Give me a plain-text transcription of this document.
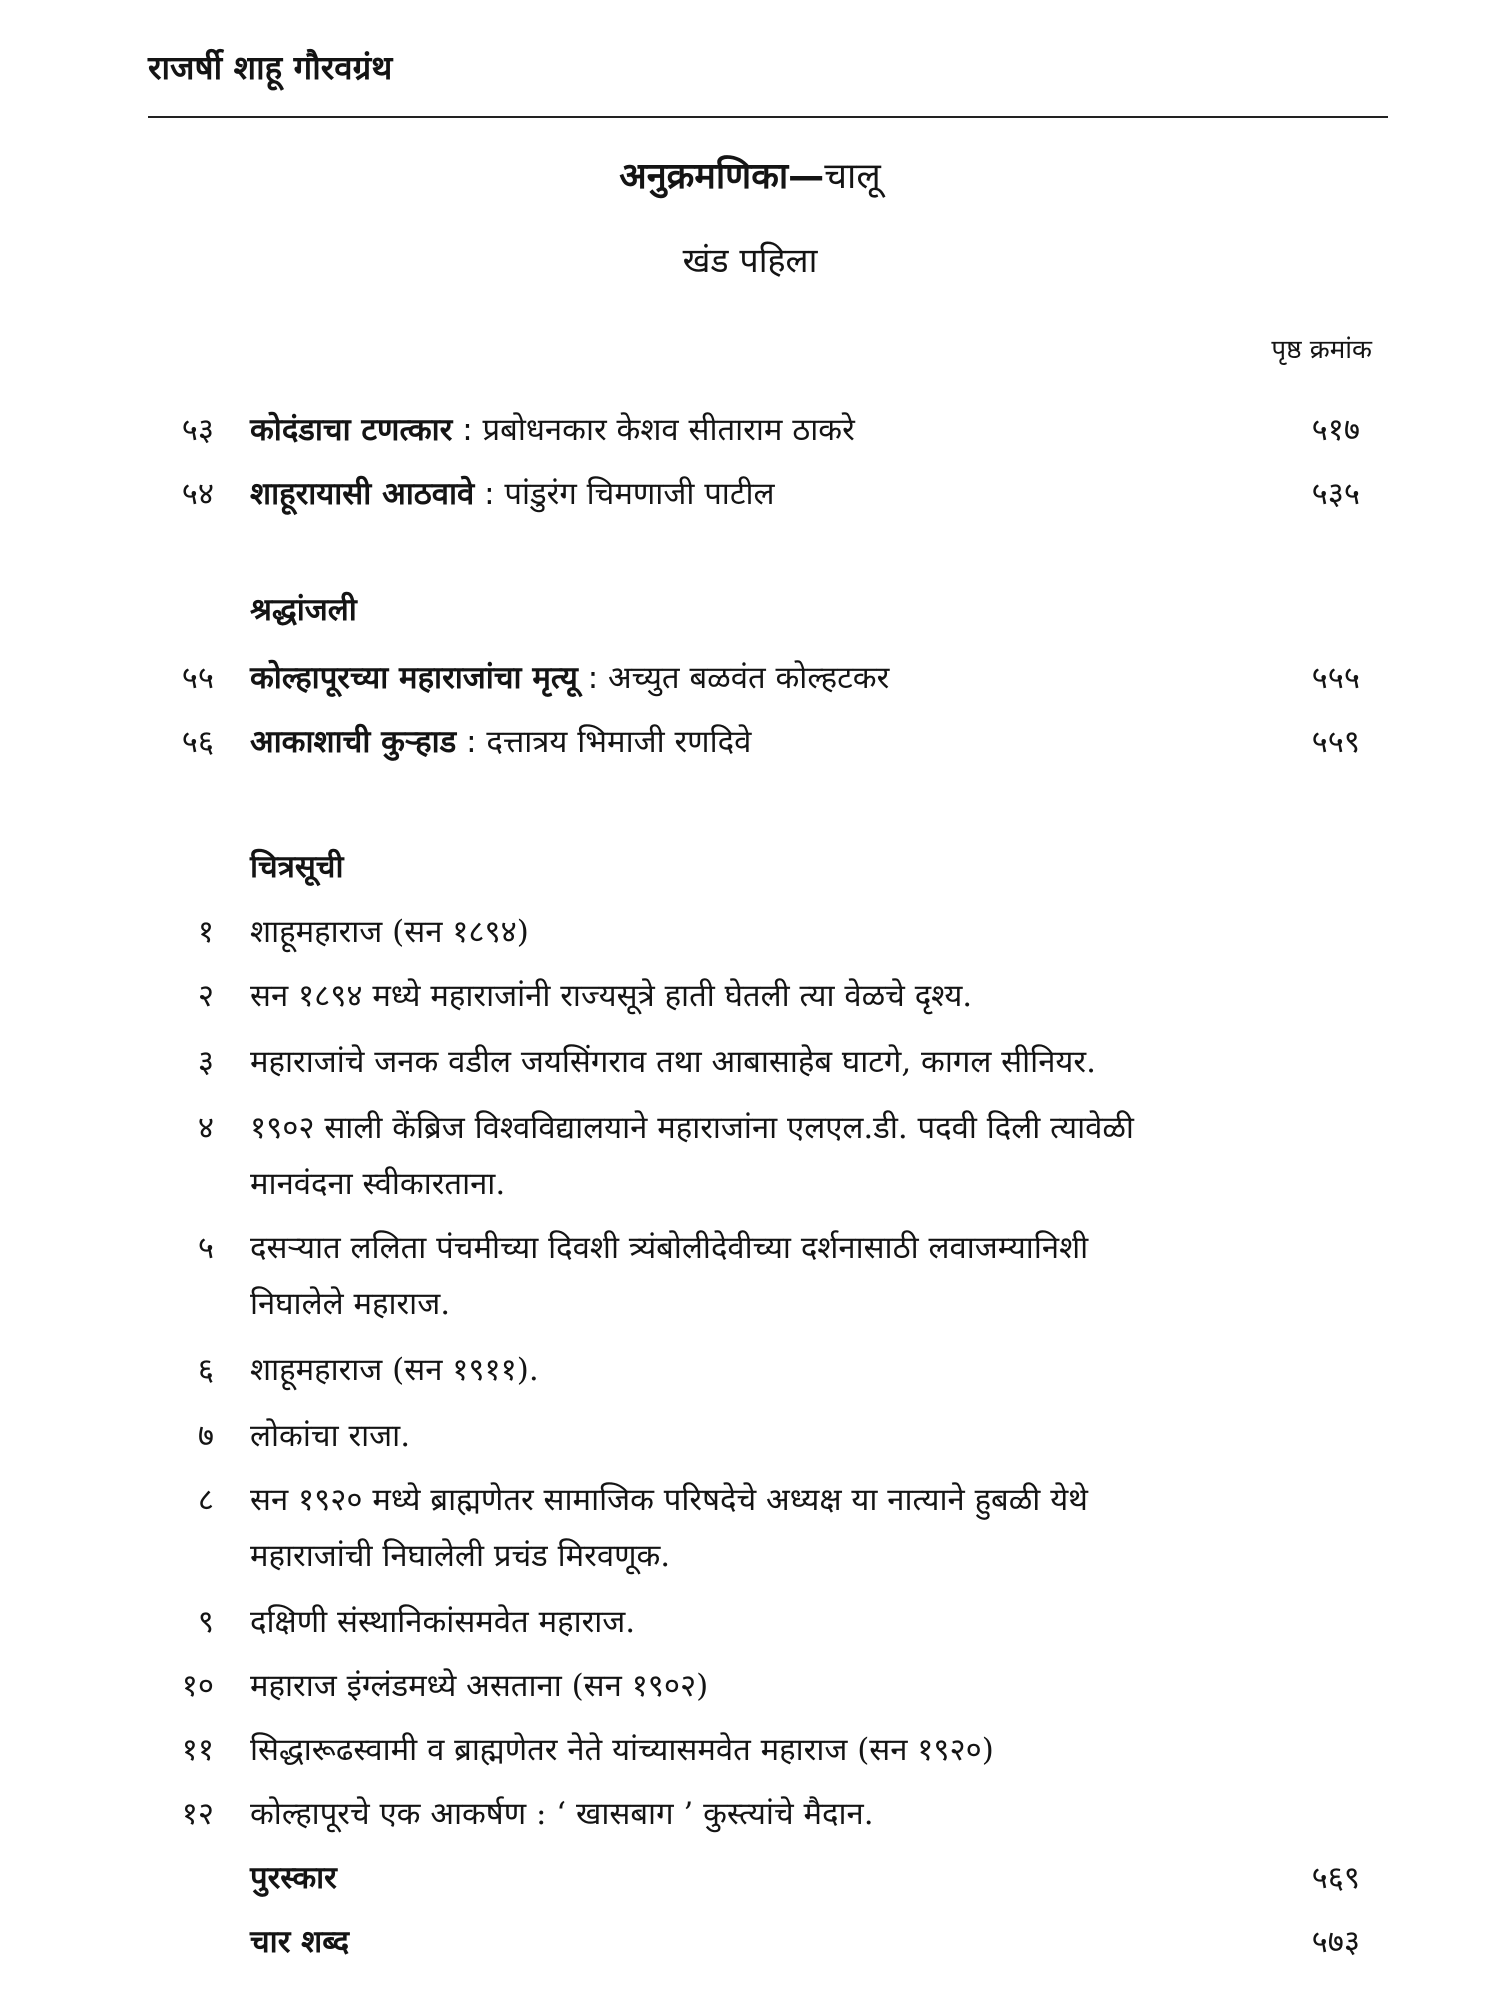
राजर्षी शाहू गौरवग्रंथ
अनुक्रमणिका—चालू
खंड पहिला
पृष्ठ क्रमांक
५३ कोदंडाचा टणत्कार : प्रबोधनकार केशव सीताराम ठाकरे	५१७
५४ शाहूरायासी आठवावे : पांडुरंग चिमणाजी पाटील	५३५
श्रद्धांजली
५५ कोल्हापूरच्या महाराजांचा मृत्यू : अच्युत बळवंत कोल्हटकर	५५५
५६ आकाशाची कुऱ्हाड : दत्तात्रय भिमाजी रणदिवे	५५९
चित्रसूची
१ शाहूमहाराज (सन १८९४)
२ सन १८९४ मध्ये महाराजांनी राज्यसूत्रे हाती घेतली त्या वेळचे दृश्य.
३ महाराजांचे जनक वडील जयसिंगराव तथा आबासाहेब घाटगे, कागल सीनियर.
४ १९०२ साली केंब्रिज विश्वविद्यालयाने महाराजांना एलएल.डी. पदवी दिली त्यावेळी
मानवंदना स्वीकारताना.
५ दसऱ्यात ललिता पंचमीच्या दिवशी त्र्यंबोलीदेवीच्या दर्शनासाठी लवाजम्यानिशी
निघालेले महाराज.
६ शाहूमहाराज (सन १९११).
७ लोकांचा राजा.
८ सन १९२० मध्ये ब्राह्मणेतर सामाजिक परिषदेचे अध्यक्ष या नात्याने हुबळी येथे
महाराजांची निघालेली प्रचंड मिरवणूक.
९ दक्षिणी संस्थानिकांसमवेत महाराज.
१० महाराज इंग्लंडमध्ये असताना (सन १९०२)
११ सिद्धारूढस्वामी व ब्राह्मणेतर नेते यांच्यासमवेत महाराज (सन १९२०)
१२ कोल्हापूरचे एक आकर्षण : ‘ खासबाग ’ कुस्त्यांचे मैदान.
पुरस्कार	५६९
चार शब्द	५७३
